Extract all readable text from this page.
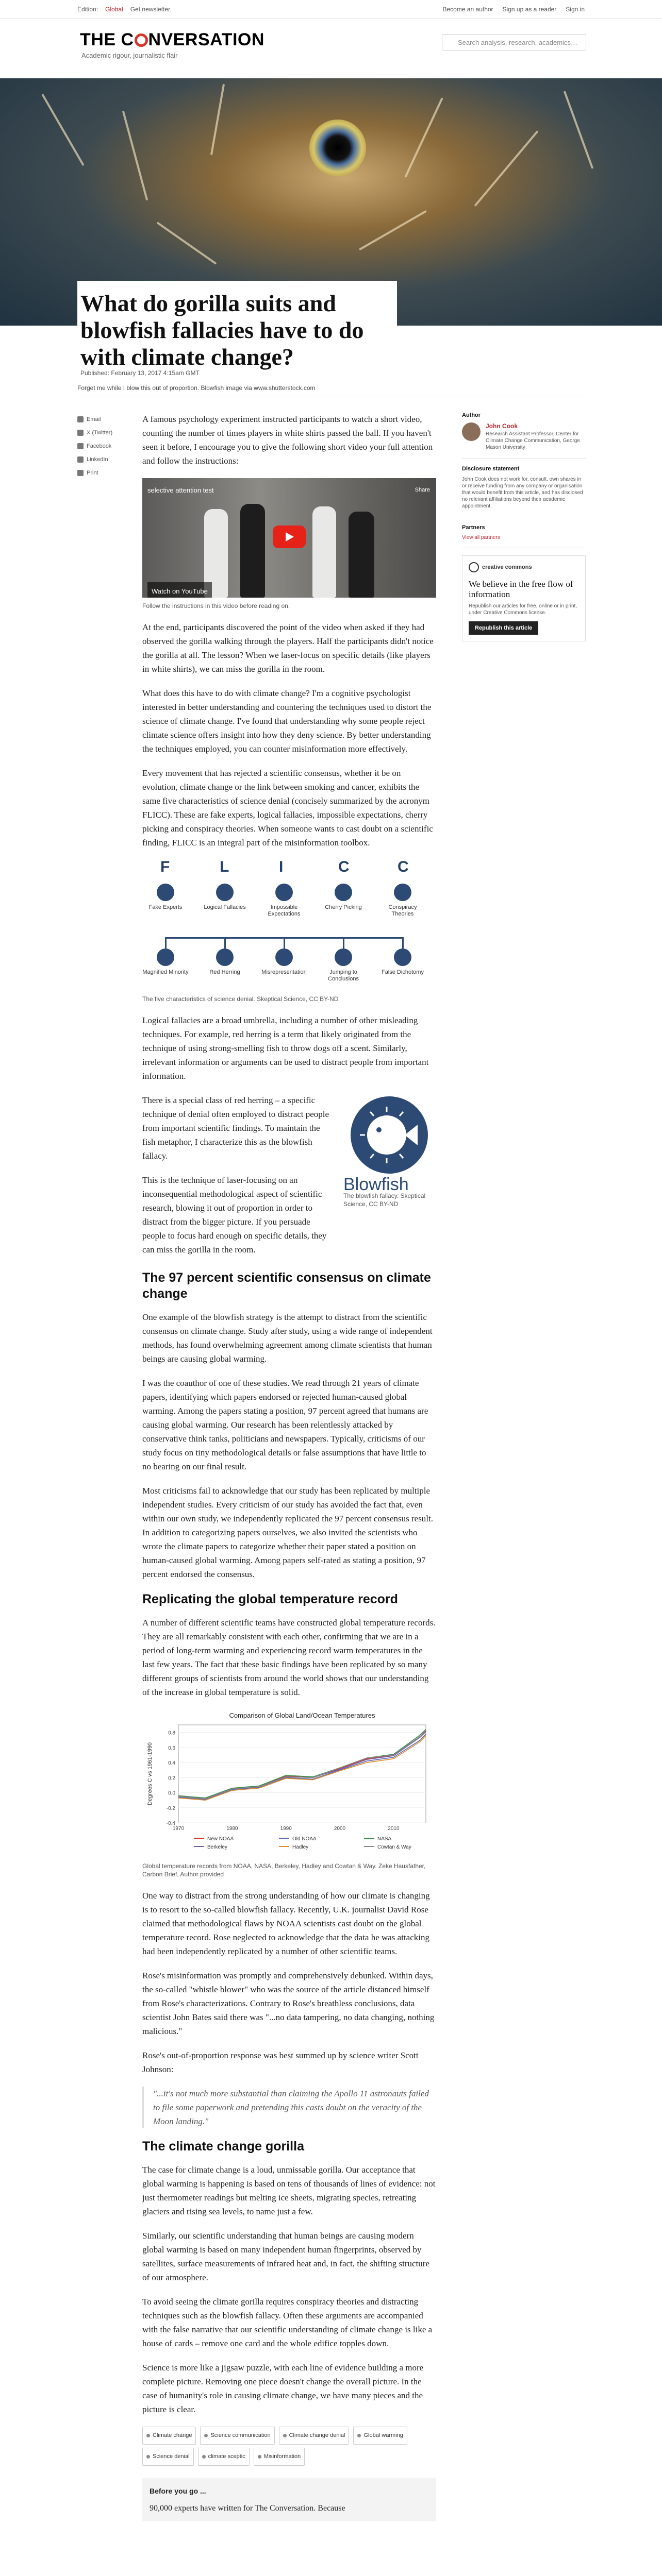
Edition: Global Get newsletter	Become an author Sign up as a reader Sign in
THE C NVERSATION
Academic rigour, journalistic flair
Search analysis, research, academics…
What do gorilla suits and blowfish fallacies have to do with climate change?
Published: February 13, 2017 4:15am GMT
Forget me while I blow this out of proportion. Blowfish image via www.shutterstock.com
Email
X (Twitter)
Facebook
LinkedIn
Print

A famous psychology experiment instructed participants to watch a short video, counting the number of times players in white shirts passed the ball. If you haven't seen it before, I encourage you to give the following short video your full attention and follow the instructions:

selective attention test	Share
Watch on YouTube
Follow the instructions in this video before reading on.

At the end, participants discovered the point of the video when asked if they had observed the gorilla walking through the players. Half the participants didn't notice the gorilla at all. The lesson? When we laser-focus on specific details (like players in white shirts), we can miss the gorilla in the room.

What does this have to do with climate change? I'm a cognitive psychologist interested in better understanding and countering the techniques used to distort the science of climate change. I've found that understanding why some people reject climate science offers insight into how they deny science. By better understanding the techniques employed, you can counter misinformation more effectively.

Every movement that has rejected a scientific consensus, whether it be on evolution, climate change or the link between smoking and cancer, exhibits the same five characteristics of science denial (concisely summarized by the acronym FLICC). These are fake experts, logical fallacies, impossible expectations, cherry picking and conspiracy theories. When someone wants to cast doubt on a scientific finding, FLICC is an integral part of the misinformation toolbox.

F
Fake Experts
L
Logical Fallacies
I
Impossible Expectations
C
Cherry Picking
C
Conspiracy Theories
Magnified Minority	Red Herring	Misrepresentation	Jumping to Conclusions
False Dichotomy
The five characteristics of science denial. Skeptical Science, CC BY-ND

Logical fallacies are a broad umbrella, including a number of other misleading techniques. For example, red herring is a term that likely originated from the technique of using strong-smelling fish to throw dogs off a scent. Similarly, irrelevant information or arguments can be used to distract people from important information.

There is a special class of red herring – a specific technique of denial often employed to distract people from important scientific findings. To maintain the fish metaphor, I characterize this as the blowfish fallacy.

This is the technique of laser-focusing on an inconsequential methodological aspect of scientific research, blowing it out of proportion in order to distract from the bigger picture. If you persuade people to focus hard enough on specific details, they can miss the gorilla in the room.

Blowfish
The blowfish fallacy. Skeptical Science, CC BY-ND
The 97 percent scientific consensus on climate change

One example of the blowfish strategy is the attempt to distract from the scientific consensus on climate change. Study after study, using a wide range of independent methods, has found overwhelming agreement among climate scientists that human beings are causing global warming.

I was the coauthor of one of these studies. We read through 21 years of climate papers, identifying which papers endorsed or rejected human-caused global warming. Among the papers stating a position, 97 percent agreed that humans are causing global warming. Our research has been relentlessly attacked by conservative think tanks, politicians and newspapers. Typically, criticisms of our study focus on tiny methodological details or false assumptions that have little to no bearing on our final result.

Most criticisms fail to acknowledge that our study has been replicated by multiple independent studies. Every criticism of our study has avoided the fact that, even within our own study, we independently replicated the 97 percent consensus result. In addition to categorizing papers ourselves, we also invited the scientists who wrote the climate papers to categorize whether their paper stated a position on human-caused global warming. Among papers self-rated as stating a position, 97 percent endorsed the consensus.

Replicating the global temperature record

A number of different scientific teams have constructed global temperature records. They are all remarkably consistent with each other, confirming that we are in a period of long-term warming and experiencing record warm temperatures in the last few years. The fact that these basic findings have been replicated by so many different groups of scientists from around the world shows that our understanding of the increase in global temperature is solid.

Comparison of Global Land/Ocean Temperatures
-0.4
-0.2
0.0
0.2
0.4
0.6
0.8
1970	1980	1990	2000	2010
Degrees C vs 1961-1990
New NOAA	Old NOAA	NASA
Berkeley	Hadley	Cowtan & Way
Global temperature records from NOAA, NASA, Berkeley, Hadley and Cowtan & Way. Zeke Hausfather, Carbon Brief, Author provided

One way to distract from the strong understanding of how our climate is changing is to resort to the so-called blowfish fallacy. Recently, U.K. journalist David Rose claimed that methodological flaws by NOAA scientists cast doubt on the global temperature record. Rose neglected to acknowledge that the data he was attacking had been independently replicated by a number of other scientific teams.

Rose's misinformation was promptly and comprehensively debunked. Within days, the so-called "whistle blower" who was the source of the article distanced himself from Rose's characterizations. Contrary to Rose's breathless conclusions, data scientist John Bates said there was "...no data tampering, no data changing, nothing malicious."

Rose's out-of-proportion response was best summed up by science writer Scott Johnson:

"...it's not much more substantial than claiming the Apollo 11 astronauts failed to file some paperwork and pretending this casts doubt on the veracity of the Moon landing."

The climate change gorilla

The case for climate change is a loud, unmissable gorilla. Our acceptance that global warming is happening is based on tens of thousands of lines of evidence: not just thermometer readings but melting ice sheets, migrating species, retreating glaciers and rising sea levels, to name just a few.

Similarly, our scientific understanding that human beings are causing modern global warming is based on many independent human fingerprints, observed by satellites, surface measurements of infrared heat and, in fact, the shifting structure of our atmosphere.

To avoid seeing the climate gorilla requires conspiracy theories and distracting techniques such as the blowfish fallacy. Often these arguments are accompanied with the false narrative that our scientific understanding of climate change is like a house of cards – remove one card and the whole edifice topples down.

Science is more like a jigsaw puzzle, with each line of evidence building a more complete picture. Removing one piece doesn't change the overall picture. In the case of humanity's role in causing climate change, we have many pieces and the picture is clear.

Climate change	Science communication	Climate change denial	Global warming
Science denial	climate sceptic	Misinformation
Before you go ...

90,000 experts have written for The Conversation. Because

Author
John Cook

Research Assistant Professor, Center for Climate Change Communication, George Mason University

Disclosure statement

John Cook does not work for, consult, own shares in or receive funding from any company or organisation that would benefit from this article, and has disclosed no relevant affiliations beyond their academic appointment.

Partners
View all partners
creative commons
We believe in the free flow of information

Republish our articles for free, online or in print, under Creative Commons license.

Republish this article
